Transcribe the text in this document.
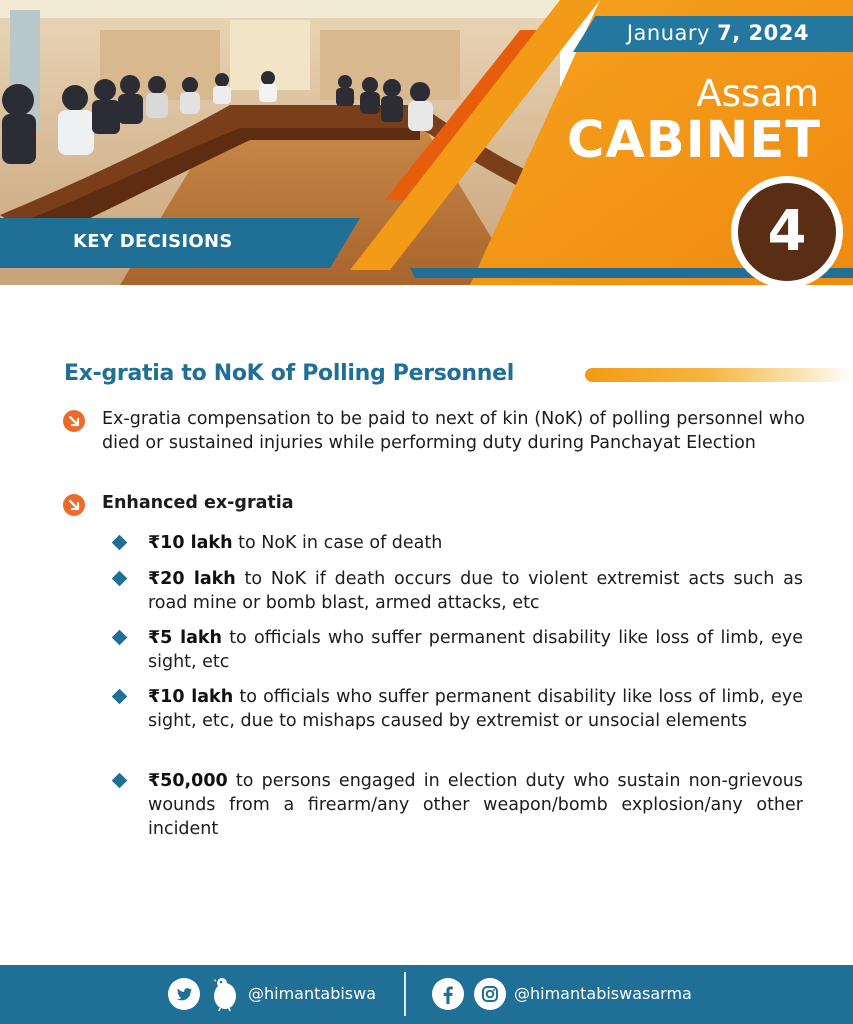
January 7, 2024
Assam
CABINET
4
KEY DECISIONS
Ex-gratia to NoK of Polling Personnel
Ex-gratia compensation to be paid to next of kin (NoK) of polling personnel who died or sustained injuries while performing duty during Panchayat Election
Enhanced ex-gratia
₹10 lakh to NoK in case of death
₹20 lakh to NoK if death occurs due to violent extremist acts such as road mine or bomb blast, armed attacks, etc
₹5 lakh to officials who suffer permanent disability like loss of limb, eye sight, etc
₹10 lakh to officials who suffer permanent disability like loss of limb, eye sight, etc, due to mishaps caused by extremist or unsocial elements
₹50,000 to persons engaged in election duty who sustain non-grievous wounds from a firearm/any other weapon/bomb explosion/any other incident
@himantabiswa	@himantabiswasarma
